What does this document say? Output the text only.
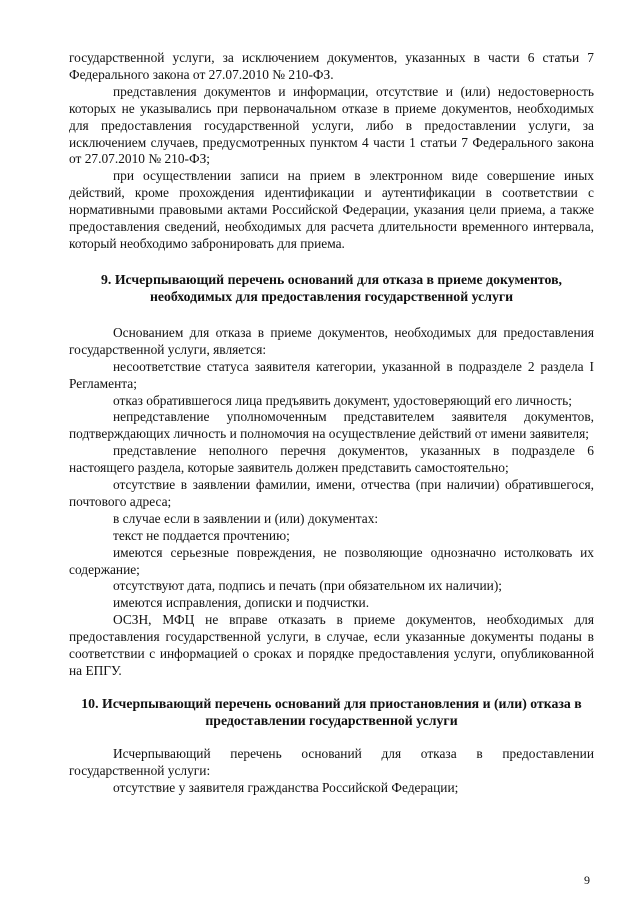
государственной услуги, за исключением документов, указанных в части 6 статьи 7 Федерального закона от 27.07.2010 № 210-ФЗ.

представления документов и информации, отсутствие и (или) недостоверность которых не указывались при первоначальном отказе в приеме документов, необходимых для предоставления государственной услуги, либо в предоставлении услуги, за исключением случаев, предусмотренных пунктом 4 части 1 статьи 7 Федерального закона от 27.07.2010 № 210-ФЗ;

при осуществлении записи на прием в электронном виде совершение иных действий, кроме прохождения идентификации и аутентификации в соответствии с нормативными правовыми актами Российской Федерации, указания цели приема, а также предоставления сведений, необходимых для расчета длительности временного интервала, который необходимо забронировать для приема.

9. Исчерпывающий перечень оснований для отказа в приеме документов, необходимых для предоставления государственной услуги

Основанием для отказа в приеме документов, необходимых для предоставления государственной услуги, является:

несоответствие статуса заявителя категории, указанной в подразделе 2 раздела I Регламента;

отказ обратившегося лица предъявить документ, удостоверяющий его личность;

непредставление уполномоченным представителем заявителя документов, подтверждающих личность и полномочия на осуществление действий от имени заявителя;

представление неполного перечня документов, указанных в подразделе 6 настоящего раздела, которые заявитель должен представить самостоятельно;

отсутствие в заявлении фамилии, имени, отчества (при наличии) обратившегося, почтового адреса;

в случае если в заявлении и (или) документах:

текст не поддается прочтению;

имеются серьезные повреждения, не позволяющие однозначно истолковать их содержание;

отсутствуют дата, подпись и печать (при обязательном их наличии);

имеются исправления, дописки и подчистки.

ОСЗН, МФЦ не вправе отказать в приеме документов, необходимых для предоставления государственной услуги, в случае, если указанные документы поданы в соответствии с информацией о сроках и порядке предоставления услуги, опубликованной на ЕПГУ.

10. Исчерпывающий перечень оснований для приостановления и (или) отказа в предоставлении государственной услуги

Исчерпывающий перечень оснований для отказа в предоставлении государственной услуги:

отсутствие у заявителя гражданства Российской Федерации;

9
